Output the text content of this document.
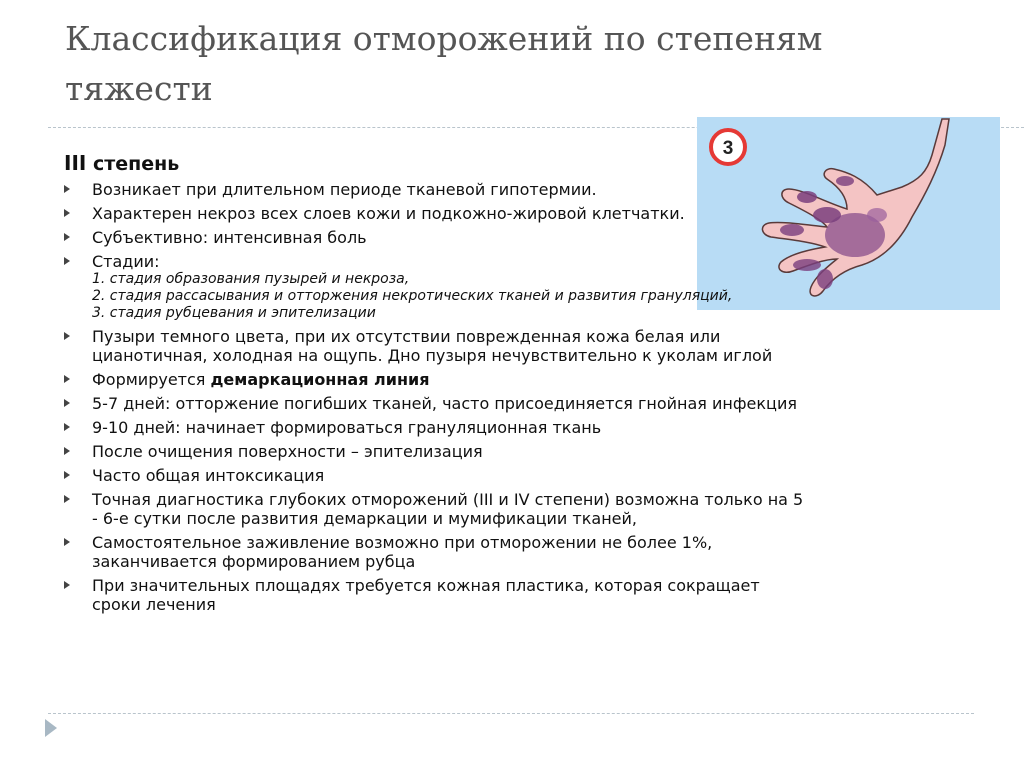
Классификация отморожений по степеням тяжести
3
III степень
Возникает при длительном периоде тканевой гипотермии.
Характерен некроз всех слоев кожи и подкожно-жировой клетчатки.
Субъективно: интенсивная боль
Стадии:
1. стадия образования пузырей и некроза,
2. стадия рассасывания и отторжения некротических тканей и развития грануляций,
3. стадия рубцевания и эпителизации
Пузыри темного цвета, при их отсутствии поврежденная кожа белая или цианотичная, холодная на ощупь. Дно пузыря нечувствительно к уколам иглой
Формируется демаркационная линия
5-7 дней: отторжение погибших тканей, часто присоединяется гнойная инфекция
9-10 дней: начинает формироваться грануляционная ткань
После очищения поверхности – эпителизация
Часто общая интоксикация
Точная диагностика глубоких отморожений (III и IV степени) возможна только на 5 - 6-е сутки после развития демаркации и мумификации тканей,
Самостоятельное заживление возможно при отморожении не более 1%, заканчивается формированием рубца
При значительных площадях требуется кожная пластика, которая сокращает сроки лечения
